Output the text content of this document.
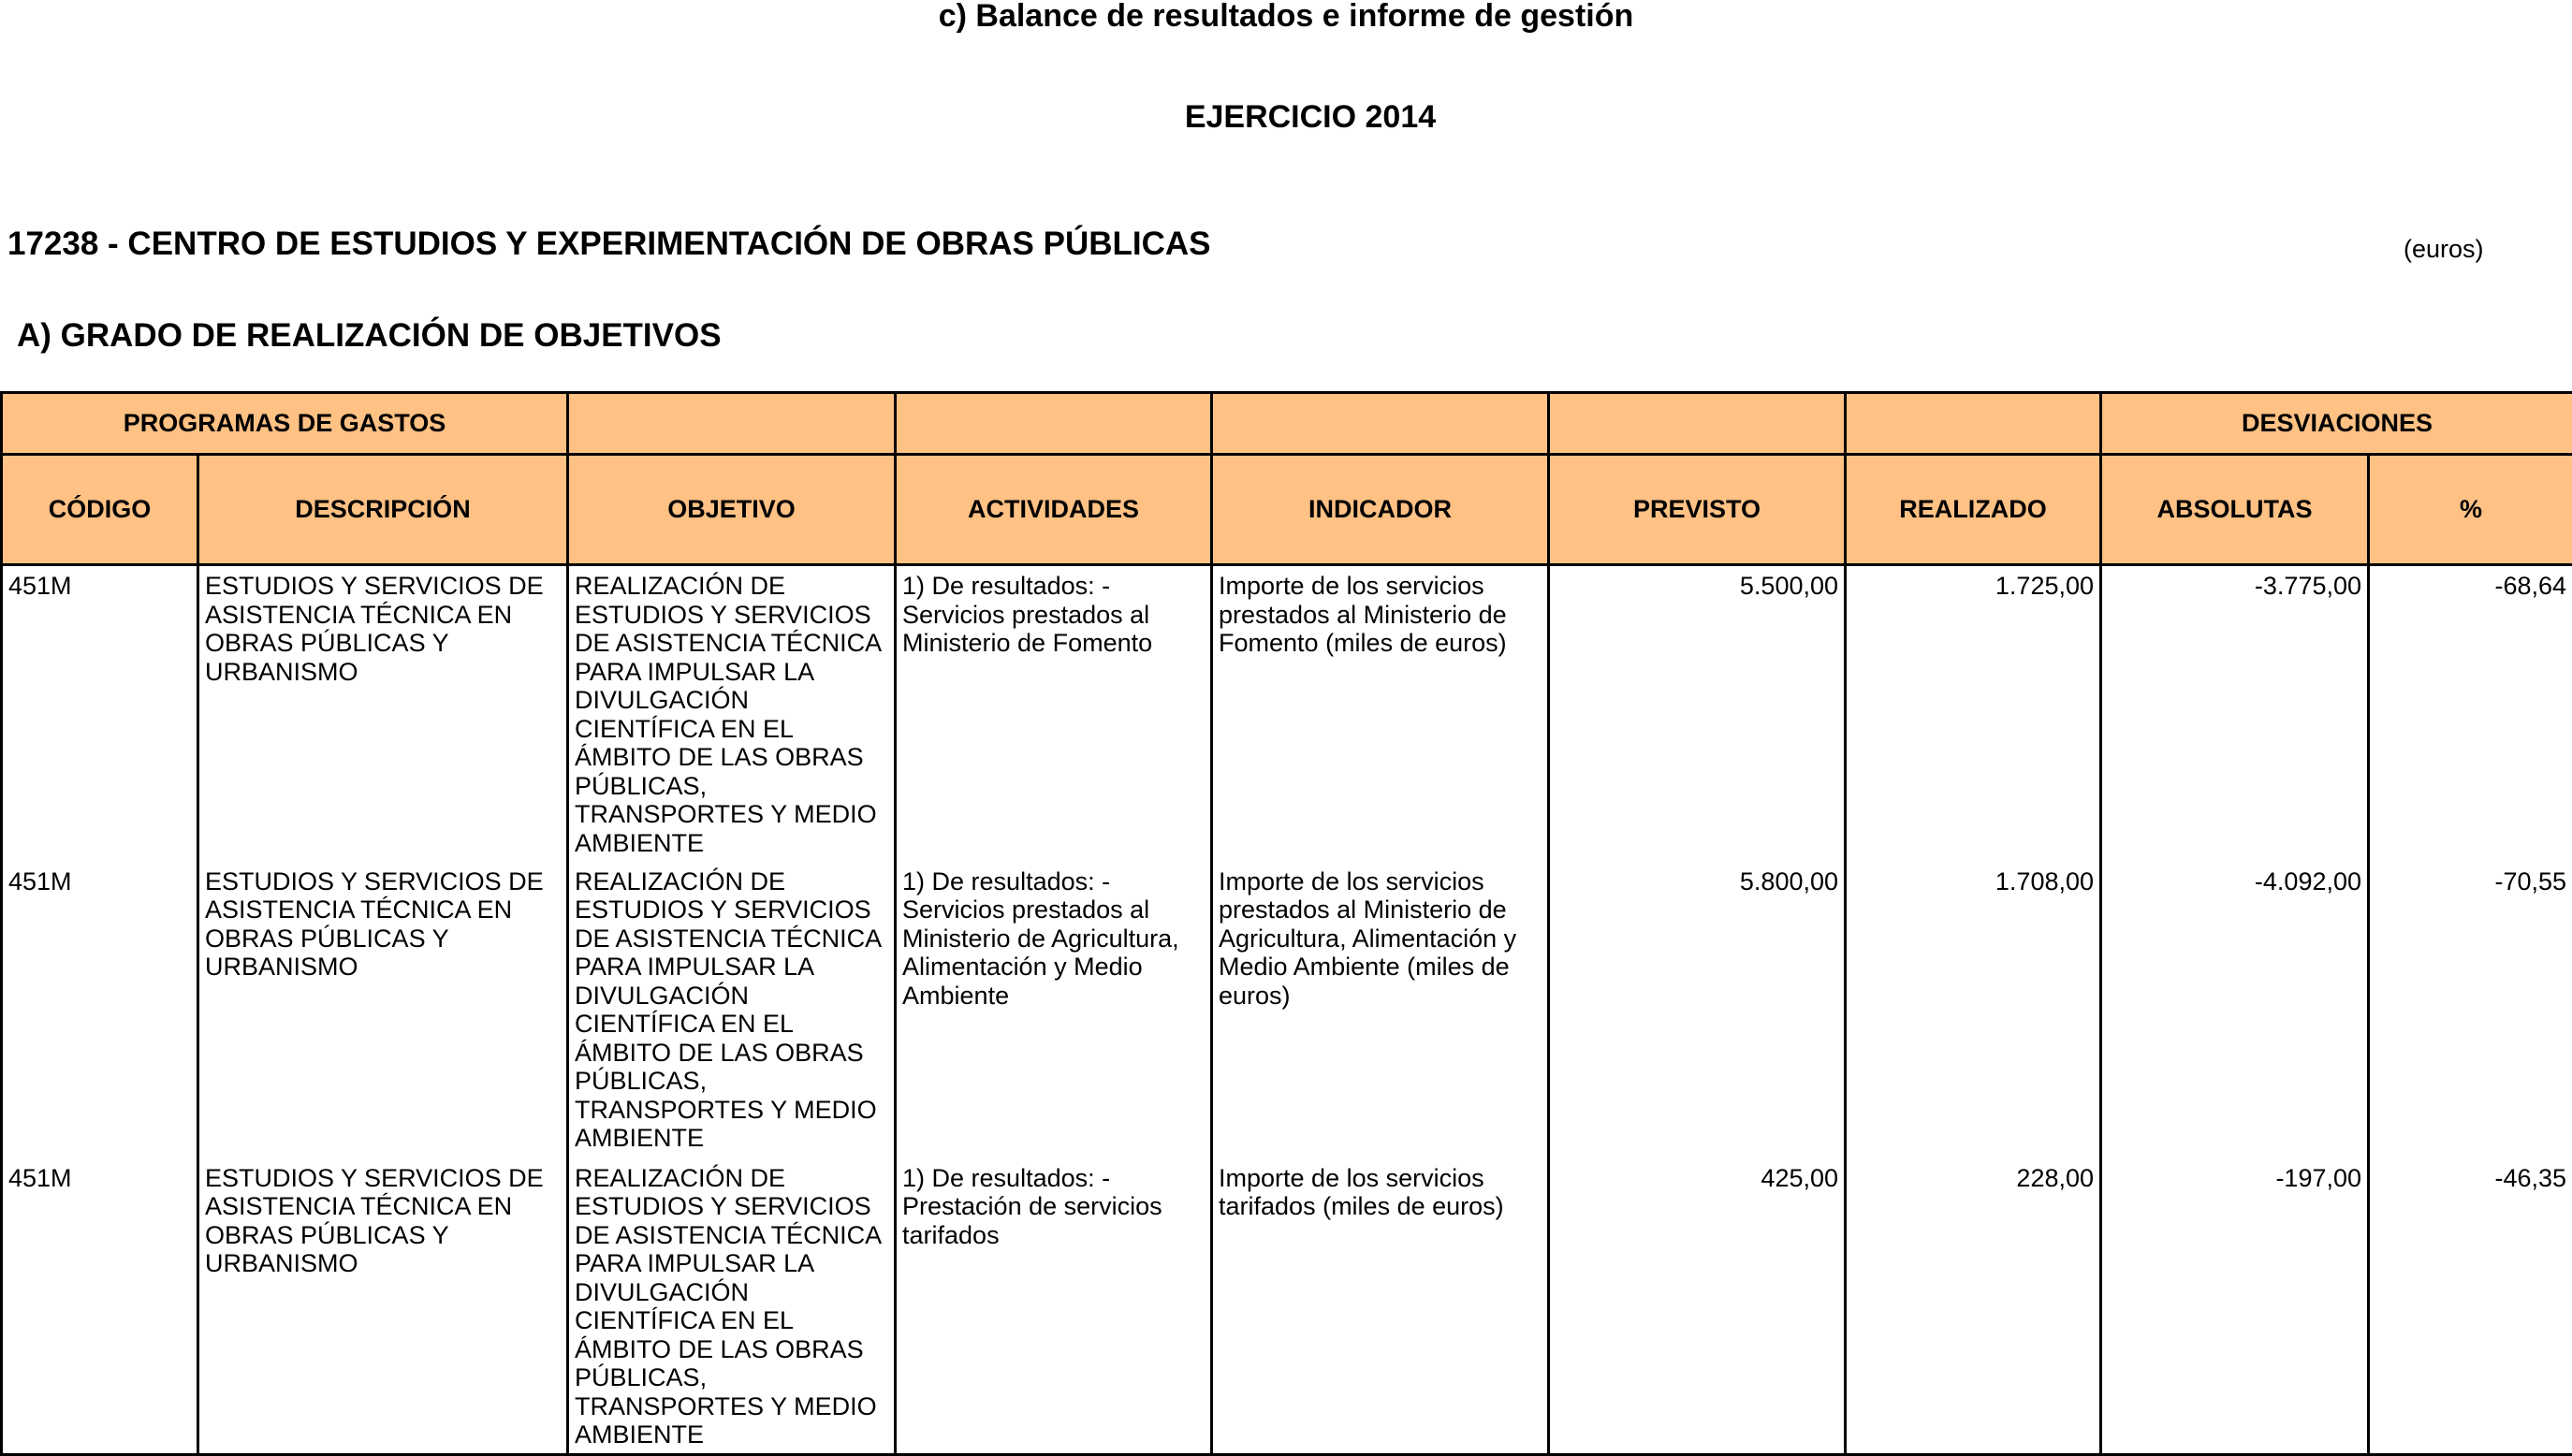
c) Balance de resultados e informe de gestión
EJERCICIO 2014
17238 - CENTRO DE ESTUDIOS Y EXPERIMENTACIÓN DE OBRAS PÚBLICAS	(euros)
A) GRADO DE REALIZACIÓN DE OBJETIVOS
PROGRAMAS DE GASTOS							DESVIACIONES	
CÓDIGO	DESCRIPCIÓN	OBJETIVO	ACTIVIDADES	INDICADOR	PREVISTO	REALIZADO	ABSOLUTAS	%
451M	ESTUDIOS Y SERVICIOS DE ASISTENCIA TÉCNICA EN OBRAS PÚBLICAS Y URBANISMO	REALIZACIÓN DE ESTUDIOS Y SERVICIOS DE ASISTENCIA TÉCNICA PARA IMPULSAR LA DIVULGACIÓN CIENTÍFICA EN EL ÁMBITO DE LAS OBRAS PÚBLICAS, TRANSPORTES Y MEDIO AMBIENTE	1) De resultados: - Servicios prestados al Ministerio de Fomento	Importe de los servicios prestados al Ministerio de Fomento (miles de euros)	5.500,00	1.725,00	-3.775,00	-68,64
451M	ESTUDIOS Y SERVICIOS DE ASISTENCIA TÉCNICA EN OBRAS PÚBLICAS Y URBANISMO	REALIZACIÓN DE ESTUDIOS Y SERVICIOS DE ASISTENCIA TÉCNICA PARA IMPULSAR LA DIVULGACIÓN CIENTÍFICA EN EL ÁMBITO DE LAS OBRAS PÚBLICAS, TRANSPORTES Y MEDIO AMBIENTE	1) De resultados: - Servicios prestados al Ministerio de Agricultura, Alimentación y Medio Ambiente	Importe de los servicios prestados al Ministerio de Agricultura, Alimentación y Medio Ambiente (miles de euros)	5.800,00	1.708,00	-4.092,00	-70,55
451M	ESTUDIOS Y SERVICIOS DE ASISTENCIA TÉCNICA EN OBRAS PÚBLICAS Y URBANISMO	REALIZACIÓN DE ESTUDIOS Y SERVICIOS DE ASISTENCIA TÉCNICA PARA IMPULSAR LA DIVULGACIÓN CIENTÍFICA EN EL ÁMBITO DE LAS OBRAS PÚBLICAS, TRANSPORTES Y MEDIO AMBIENTE	1) De resultados: - Prestación de servicios tarifados	Importe de los servicios tarifados (miles de euros)	425,00	228,00	-197,00	-46,35
